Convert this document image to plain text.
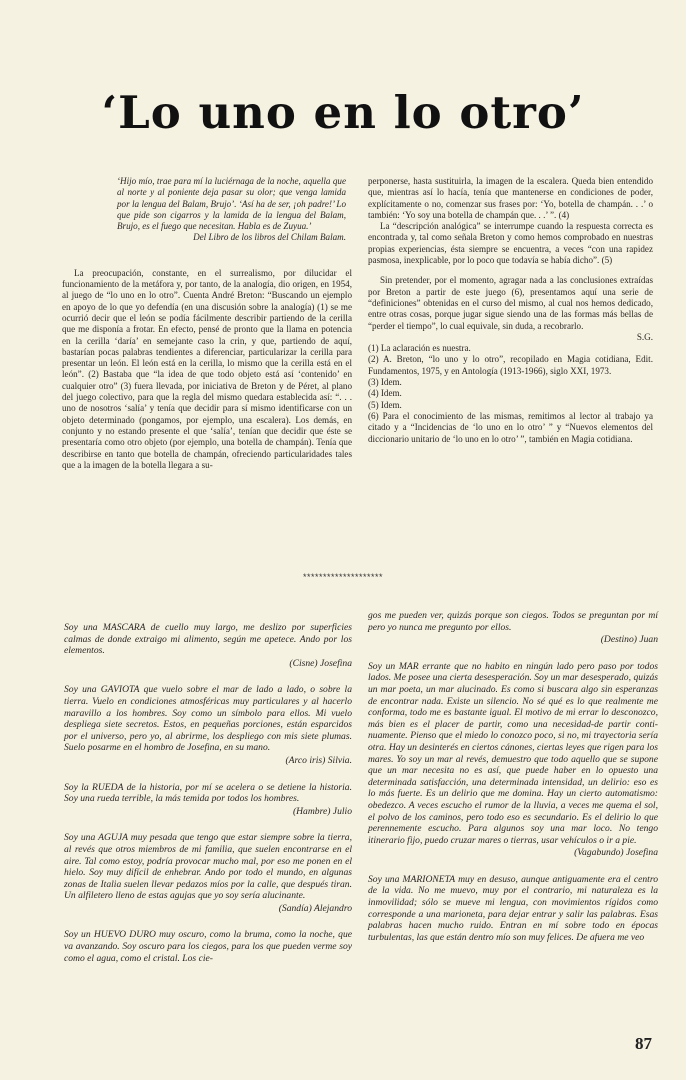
‘Lo uno en lo otro’

‘Hijo mío, trae para mí la luciérnaga de la noche, aquella que al norte y al poniente deja pasar su olor; que venga lamida por la lengua del Balam, Brujo’. ‘Así ha de ser, ¡oh padre!’ Lo que pide son cigarros y la lamida de la lengua del Balam, Brujo, es el fuego que necesitan. Habla es de Zuyua.’

Del Libro de los libros del Chilam Balam.

La preocupación, constante, en el surrealismo, por dilucidar el funcionamiento de la metáfora y, por tanto, de la analogía, dio origen, en 1954, al juego de “lo uno en lo otro”. Cuenta André Breton: “Buscando un ejemplo en apoyo de lo que yo defendía (en una discusión sobre la analogía) (1) se me ocurrió decir que el león se podía fácilmente describir partiendo de la cerilla que me disponía a frotar. En efecto, pensé de pronto que la llama en potencia en la cerilla ‘daría’ en semejante caso la crin, y que, partiendo de aquí, bastarían pocas palabras tendientes a diferenciar, particularizar la cerilla para presentar un león. El león está en la cerilla, lo mismo que la cerilla está en el león”. (2) Bastaba que “la idea de que todo objeto está así ‘contenido’ en cualquier otro” (3) fuera llevada, por iniciativa de Breton y de Péret, al plano del juego colectivo, para que la regla del mismo quedara establecida así: “. . . uno de nosotros ‘salía’ y tenía que decidir para sí mismo identificarse con un objeto determinado (pongamos, por ejemplo, una escalera). Los demás, en conjunto y no estando presente el que ‘salía’, tenían que decidir que éste se presentaría como otro objeto (por ejemplo, una botella de champán). Tenía que describirse en tanto que botella de champán, ofreciendo particularidades tales que a la imagen de la botella llegara a su-

perponerse, hasta sustituirla, la imagen de la escalera. Queda bien entendido que, mientras así lo hacía, tenía que mantenerse en condiciones de poder, explícitamente o no, comenzar sus frases por: ‘Yo, botella de champán. . .’ o también: ‘Yo soy una botella de champán que. . .’ ”. (4)

La “descripción analógica” se interrumpe cuando la respuesta correcta es encontrada y, tal como señala Breton y como hemos comprobado en nuestras propias experiencias, ésta siempre se encuentra, a veces “con una rapidez pasmosa, inexplicable, por lo poco que todavía se había dicho”. (5)

Sin pretender, por el momento, agragar nada a las conclusiones extraídas por Breton a partir de este juego (6), presentamos aquí una serie de “definiciones” obtenidas en el curso del mismo, al cual nos hemos dedicado, entre otras cosas, porque jugar sigue siendo una de las formas más bellas de “perder el tiempo”, lo cual equivale, sin duda, a recobrarlo.

S.G.

(1) La aclaración es nuestra.
(2) A. Breton, “lo uno y lo otro”, recopilado en Magia cotidiana, Edit. Fundamentos, 1975, y en Antología (1913-1966), siglo XXI, 1973.
(3) Idem.
(4) Idem.
(5) Idem.
(6) Para el conocimiento de las mismas, remitimos al lector al trabajo ya citado y a “Incidencias de ‘lo uno en lo otro’ ” y “Nuevos elementos del diccionario unitario de ‘lo uno en lo otro’ ”, también en Magia cotidiana.
********************
Soy una MASCARA de cuello muy largo, me deslizo por superficies calmas de donde extraigo mi alimento, según me apetece. Ando por los elementos.
(Cisne) Josefina
Soy una GAVIOTA que vuelo sobre el mar de lado a lado, o sobre la tierra. Vuelo en condiciones atmosféricas muy particulares y al hacerlo maravillo a los hombres. Soy como un símbolo para ellos. Mi vuelo despliega siete secretos. Estos, en pequeñas porciones, están esparcidos por el universo, pero yo, al abrirme, los despliego con mis siete plumas. Suelo posarme en el hombro de Josefina, en su mano.
(Arco iris) Silvia.
Soy la RUEDA de la historia, por mí se acelera o se detiene la historia. Soy una rueda terrible, la más temida por todos los hombres.
(Hambre) Julio
Soy una AGUJA muy pesada que tengo que estar siempre sobre la tierra, al revés que otros miembros de mi familia, que suelen encontrarse en el aire. Tal como estoy, podría provocar mucho mal, por eso me ponen en el hielo. Soy muy difícil de enhebrar. Ando por todo el mundo, en algunas zonas de Italia suelen llevar pedazos míos por la calle, que después tiran. Un alfiletero lleno de estas agujas que yo soy sería alucinante.
(Sandía) Alejandro
Soy un HUEVO DURO muy oscuro, como la bruma, como la noche, que va avanzando. Soy oscuro para los ciegos, para los que pueden verme soy como el agua, como el cristal. Los cie-
gos me pueden ver, quizás porque son ciegos. Todos se preguntan por mí pero yo nunca me pregunto por ellos.
(Destino) Juan
Soy un MAR errante que no habito en ningún lado pero paso por todos lados. Me posee una cierta desesperación. Soy un mar desesperado, quizás un mar poeta, un mar alucinado. Es como si buscara algo sin esperanzas de encontrar nada. Existe un silencio. No sé qué es lo que realmente me conforma, todo me es bastante igual. El motivo de mi errar lo desconozco, más bien es el placer de partir, como una necesidad-de partir continuamente. Pienso que el miedo lo conozco poco, si no, mi trayectoria sería otra. Hay un desinterés en ciertos cánones, ciertas leyes que rigen para los mares. Yo soy un mar al revés, demuestro que todo aquello que se supone que un mar necesita no es así, que puede haber en lo opuesto una determinada satisfacción, una determinada intensidad, un delirio: eso es lo más fuerte. Es un delirio que me domina. Hay un cierto automatismo: obedezco. A veces escucho el rumor de la lluvia, a veces me quema el sol, el polvo de los caminos, pero todo eso es secundario. Es el delirio lo que perennemente escucho. Para algunos soy una mar loco. No tengo itinerario fijo, puedo cruzar mares o tierras, usar vehículos o ir a pie.
(Vagabundo) Josefina
Soy una MARIONETA muy en desuso, aunque antiguamente era el centro de la vida. No me muevo, muy por el contrario, mi naturaleza es la inmovilidad; sólo se mueve mi lengua, con movimientos rígidos como corresponde a una marioneta, para dejar entrar y salir las palabras. Esas palabras hacen mucho ruido. Entran en mí sobre todo en épocas turbulentas, las que están dentro mío son muy felices. De afuera me veo
87
